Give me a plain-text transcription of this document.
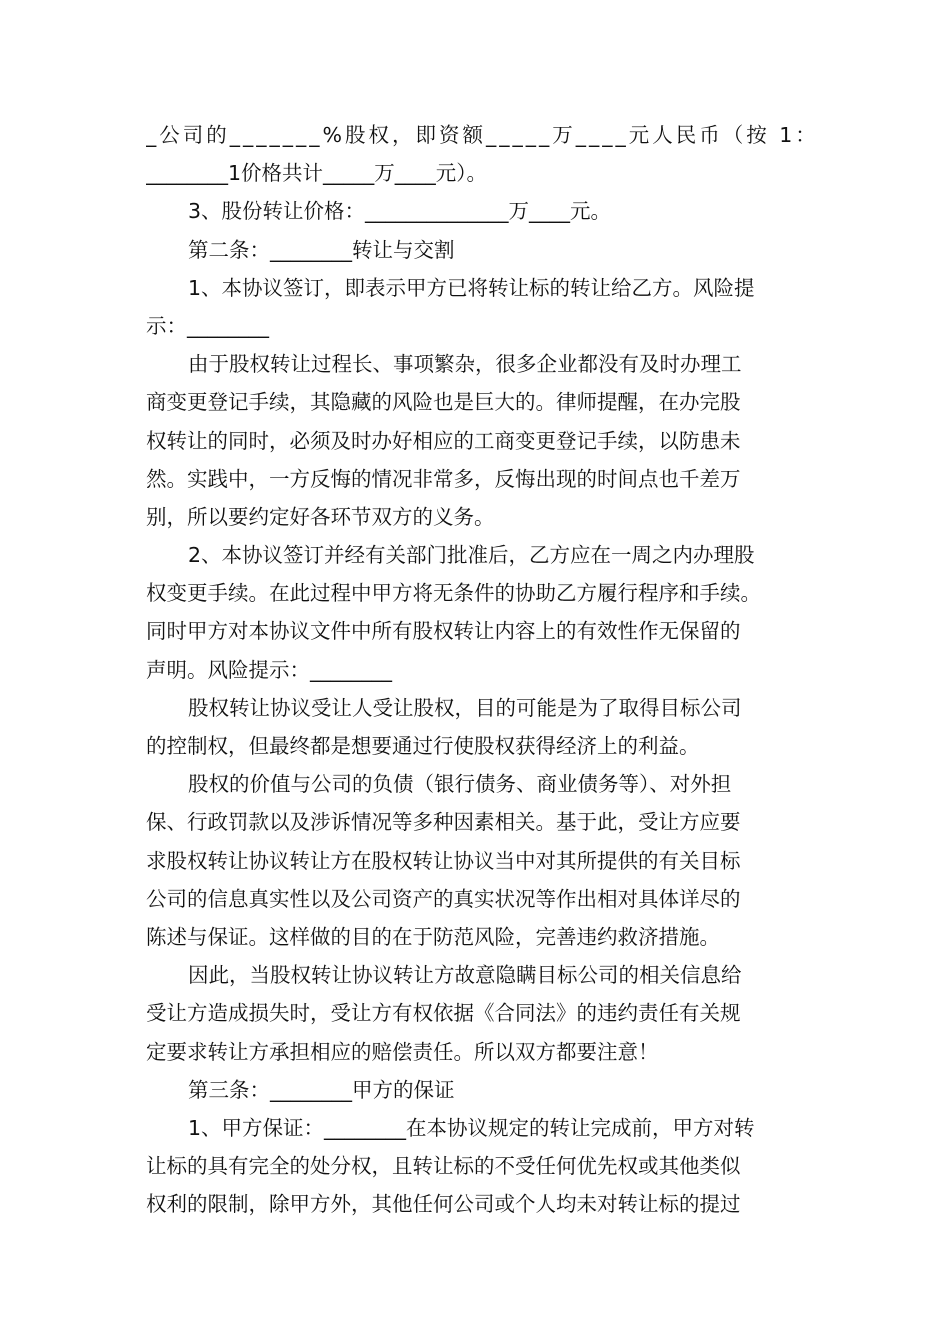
_公司的_______%股权，即资额_____万____元人民币（按 1：

________1价格共计_____万____元）。

3、股份转让价格：______________万____元。

第二条：________转让与交割

1、本协议签订，即表示甲方已将转让标的转让给乙方。风险提

示：________

由于股权转让过程长、事项繁杂，很多企业都没有及时办理工

商变更登记手续，其隐藏的风险也是巨大的。律师提醒，在办完股

权转让的同时，必须及时办好相应的工商变更登记手续，以防患未

然。实践中，一方反悔的情况非常多，反悔出现的时间点也千差万

别，所以要约定好各环节双方的义务。

2、本协议签订并经有关部门批准后，乙方应在一周之内办理股

权变更手续。在此过程中甲方将无条件的协助乙方履行程序和手续。

同时甲方对本协议文件中所有股权转让内容上的有效性作无保留的

声明。风险提示：________

股权转让协议受让人受让股权，目的可能是为了取得目标公司

的控制权，但最终都是想要通过行使股权获得经济上的利益。

股权的价值与公司的负债（银行债务、商业债务等）、对外担

保、行政罚款以及涉诉情况等多种因素相关。基于此，受让方应要

求股权转让协议转让方在股权转让协议当中对其所提供的有关目标

公司的信息真实性以及公司资产的真实状况等作出相对具体详尽的

陈述与保证。这样做的目的在于防范风险，完善违约救济措施。

因此，当股权转让协议转让方故意隐瞒目标公司的相关信息给

受让方造成损失时，受让方有权依据《合同法》的违约责任有关规

定要求转让方承担相应的赔偿责任。所以双方都要注意！

第三条：________甲方的保证

1、甲方保证：________在本协议规定的转让完成前，甲方对转

让标的具有完全的处分权，且转让标的不受任何优先权或其他类似

权利的限制，除甲方外，其他任何公司或个人均未对转让标的提过
